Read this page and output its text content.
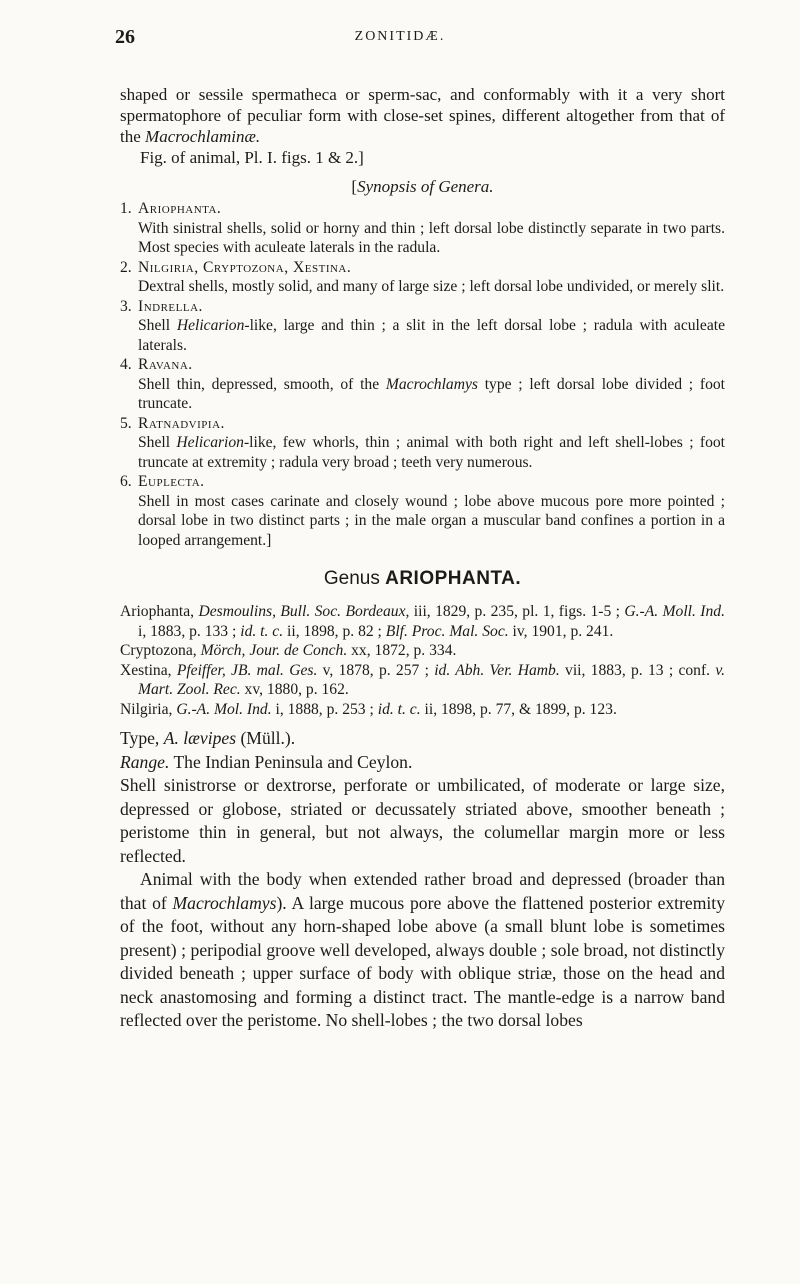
26	ZONITIDÆ.

shaped or sessile spermatheca or sperm-sac, and conformably with it a very short spermatophore of peculiar form with close-set spines, different altogether from that of the Macrochlaminæ.

Fig. of animal, Pl. I. figs. 1 & 2.]

[Synopsis of Genera.
1. Ariophanta.
With sinistral shells, solid or horny and thin ; left dorsal lobe distinctly separate in two parts. Most species with aculeate laterals in the radula.
2. Nilgiria, Cryptozona, Xestina.
Dextral shells, mostly solid, and many of large size ; left dorsal lobe undivided, or merely slit.
3. Indrella.
Shell Helicarion-like, large and thin ; a slit in the left dorsal lobe ; radula with aculeate laterals.
4. Ravana.
Shell thin, depressed, smooth, of the Macrochlamys type ; left dorsal lobe divided ; foot truncate.
5. Ratnadvipia.
Shell Helicarion-like, few whorls, thin ; animal with both right and left shell-lobes ; foot truncate at extremity ; radula very broad ; teeth very numerous.
6. Euplecta.
Shell in most cases carinate and closely wound ; lobe above mucous pore more pointed ; dorsal lobe in two distinct parts ; in the male organ a muscular band confines a portion in a looped arrangement.]
Genus ARIOPHANTA.
Ariophanta, Desmoulins, Bull. Soc. Bordeaux, iii, 1829, p. 235, pl. 1, figs. 1-5 ; G.-A. Moll. Ind. i, 1883, p. 133 ; id. t. c. ii, 1898, p. 82 ; Blf. Proc. Mal. Soc. iv, 1901, p. 241.
Cryptozona, Mörch, Jour. de Conch. xx, 1872, p. 334.
Xestina, Pfeiffer, JB. mal. Ges. v, 1878, p. 257 ; id. Abh. Ver. Hamb. vii, 1883, p. 13 ; conf. v. Mart. Zool. Rec. xv, 1880, p. 162.
Nilgiria, G.-A. Mol. Ind. i, 1888, p. 253 ; id. t. c. ii, 1898, p. 77, & 1899, p. 123.

Type, A. lævipes (Müll.).

Range. The Indian Peninsula and Ceylon.

Shell sinistrorse or dextrorse, perforate or umbilicated, of moderate or large size, depressed or globose, striated or decussately striated above, smoother beneath ; peristome thin in general, but not always, the columellar margin more or less reflected.

Animal with the body when extended rather broad and depressed (broader than that of Macrochlamys). A large mucous pore above the flattened posterior extremity of the foot, without any horn-shaped lobe above (a small blunt lobe is sometimes present) ; peripodial groove well developed, always double ; sole broad, not distinctly divided beneath ; upper surface of body with oblique striæ, those on the head and neck anastomosing and forming a distinct tract. The mantle-edge is a narrow band reflected over the peristome. No shell-lobes ; the two dorsal lobes
